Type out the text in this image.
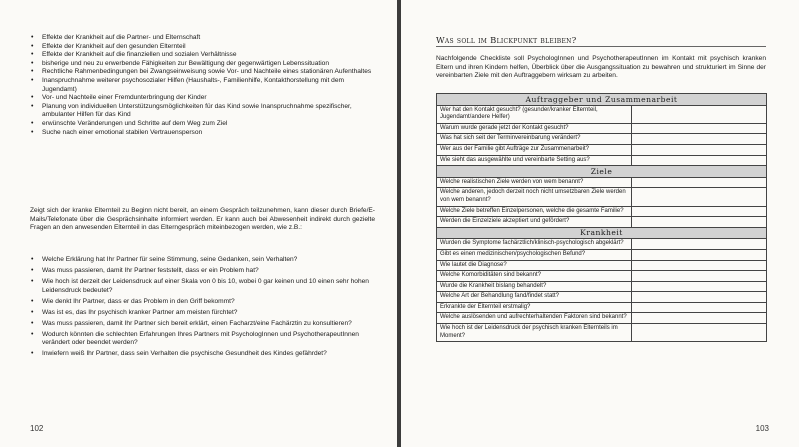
• Effekte der Krankheit auf die Partner- und Elternschaft
• Effekte der Krankheit auf den gesunden Elternteil
• Effekte der Krankheit auf die finanziellen und sozialen Verhältnisse
• bisherige und neu zu erwerbende Fähigkeiten zur Bewältigung der gegenwärtigen Lebenssituation
• Rechtliche Rahmenbedingungen bei Zwangseinweisung sowie Vor- und Nachteile eines stationären Aufenthaltes
• Inanspruchnahme weiterer psychosozialer Hilfen (Haushalts-, Familienhilfe, Kontakthorstellung mit dem Jugendamt)
• Vor- und Nachteile einer Fremdunterbringung der Kinder
• Planung von individuellen Unterstützungsmöglichkeiten für das Kind sowie Inanspruchnahme spezifischer, ambulanter Hilfen für das Kind
• erwünschte Veränderungen und Schritte auf dem Weg zum Ziel
• Suche nach einer emotional stabilen Vertrauensperson

Zeigt sich der kranke Elternteil zu Beginn nicht bereit, an einem Gespräch teilzunehmen, kann dieser durch Briefe/E-Mails/Telefonate über die Gesprächsinhalte informiert werden. Er kann auch bei Abwesenheit indirekt durch gezielte Fragen an den anwesenden Elternteil in das Elterngespräch miteinbezogen werden, wie z.B.:

• Welche Erklärung hat Ihr Partner für seine Stimmung, seine Gedanken, sein Verhalten?
• Was muss passieren, damit Ihr Partner feststellt, dass er ein Problem hat?
• Wie hoch ist derzeit der Leidensdruck auf einer Skala von 0 bis 10, wobei 0 gar keinen und 10 einen sehr hohen Leidensdruck bedeutet?
• Wie denkt Ihr Partner, dass er das Problem in den Griff bekommt?
• Was ist es, das Ihr psychisch kranker Partner am meisten fürchtet?
• Was muss passieren, damit Ihr Partner sich bereit erklärt, einen Facharzt/eine Fachärztin zu konsultieren?
• Wodurch könnten die schlechten Erfahrungen Ihres Partners mit PsychologInnen und PsychotherapeutInnen verändert oder beendet werden?
• Inwiefern weiß Ihr Partner, dass sein Verhalten die psychische Gesundheit des Kindes gefährdet?
102
Was soll im Blickpunkt bleiben?

Nachfolgende Checkliste soll PsychologInnen und PsychotherapeutInnen im Kontakt mit psychisch kranken Eltern und ihren Kindern helfen, Überblick über die Ausgangssituation zu bewahren und strukturiert im Sinne der vereinbarten Ziele mit den Auftraggebern wirksam zu arbeiten.

Auftraggeber und Zusammenarbeit	
Wer hat den Kontakt gesucht? (gesunder/kranker Elternteil, Jugendamt/andere Helfer)	
Warum wurde gerade jetzt der Kontakt gesucht?	
Was hat sich seit der Terminvereinbarung verändert?	
Wer aus der Familie gibt Aufträge zur Zusammenarbeit?	
Wie sieht das ausgewählte und vereinbarte Setting aus?	
Ziele	
Welche realistischen Ziele werden von wem benannt?	
Welche anderen, jedoch derzeit noch nicht umsetzbaren Ziele werden von wem benannt?	
Welche Ziele betreffen Einzelpersonen, welche die gesamte Familie?	
Werden die Einzelziele akzeptiert und gefördert?	
Krankheit	
Wurden die Symptome fachärztlich/klinisch-psychologisch abgeklärt?	
Gibt es einen medizinischen/psychologischen Befund?	
Wie lautet die Diagnose?	
Welche Komorbiditäten sind bekannt?	
Wurde die Krankheit bislang behandelt?	
Welche Art der Behandlung fand/findet statt?	
Erkrankte der Elternteil erstmalig?	
Welche auslösenden und aufrechterhaltenden Faktoren sind bekannt?	
Wie hoch ist der Leidensdruck der psychisch kranken Elternteils im Moment?	
103
